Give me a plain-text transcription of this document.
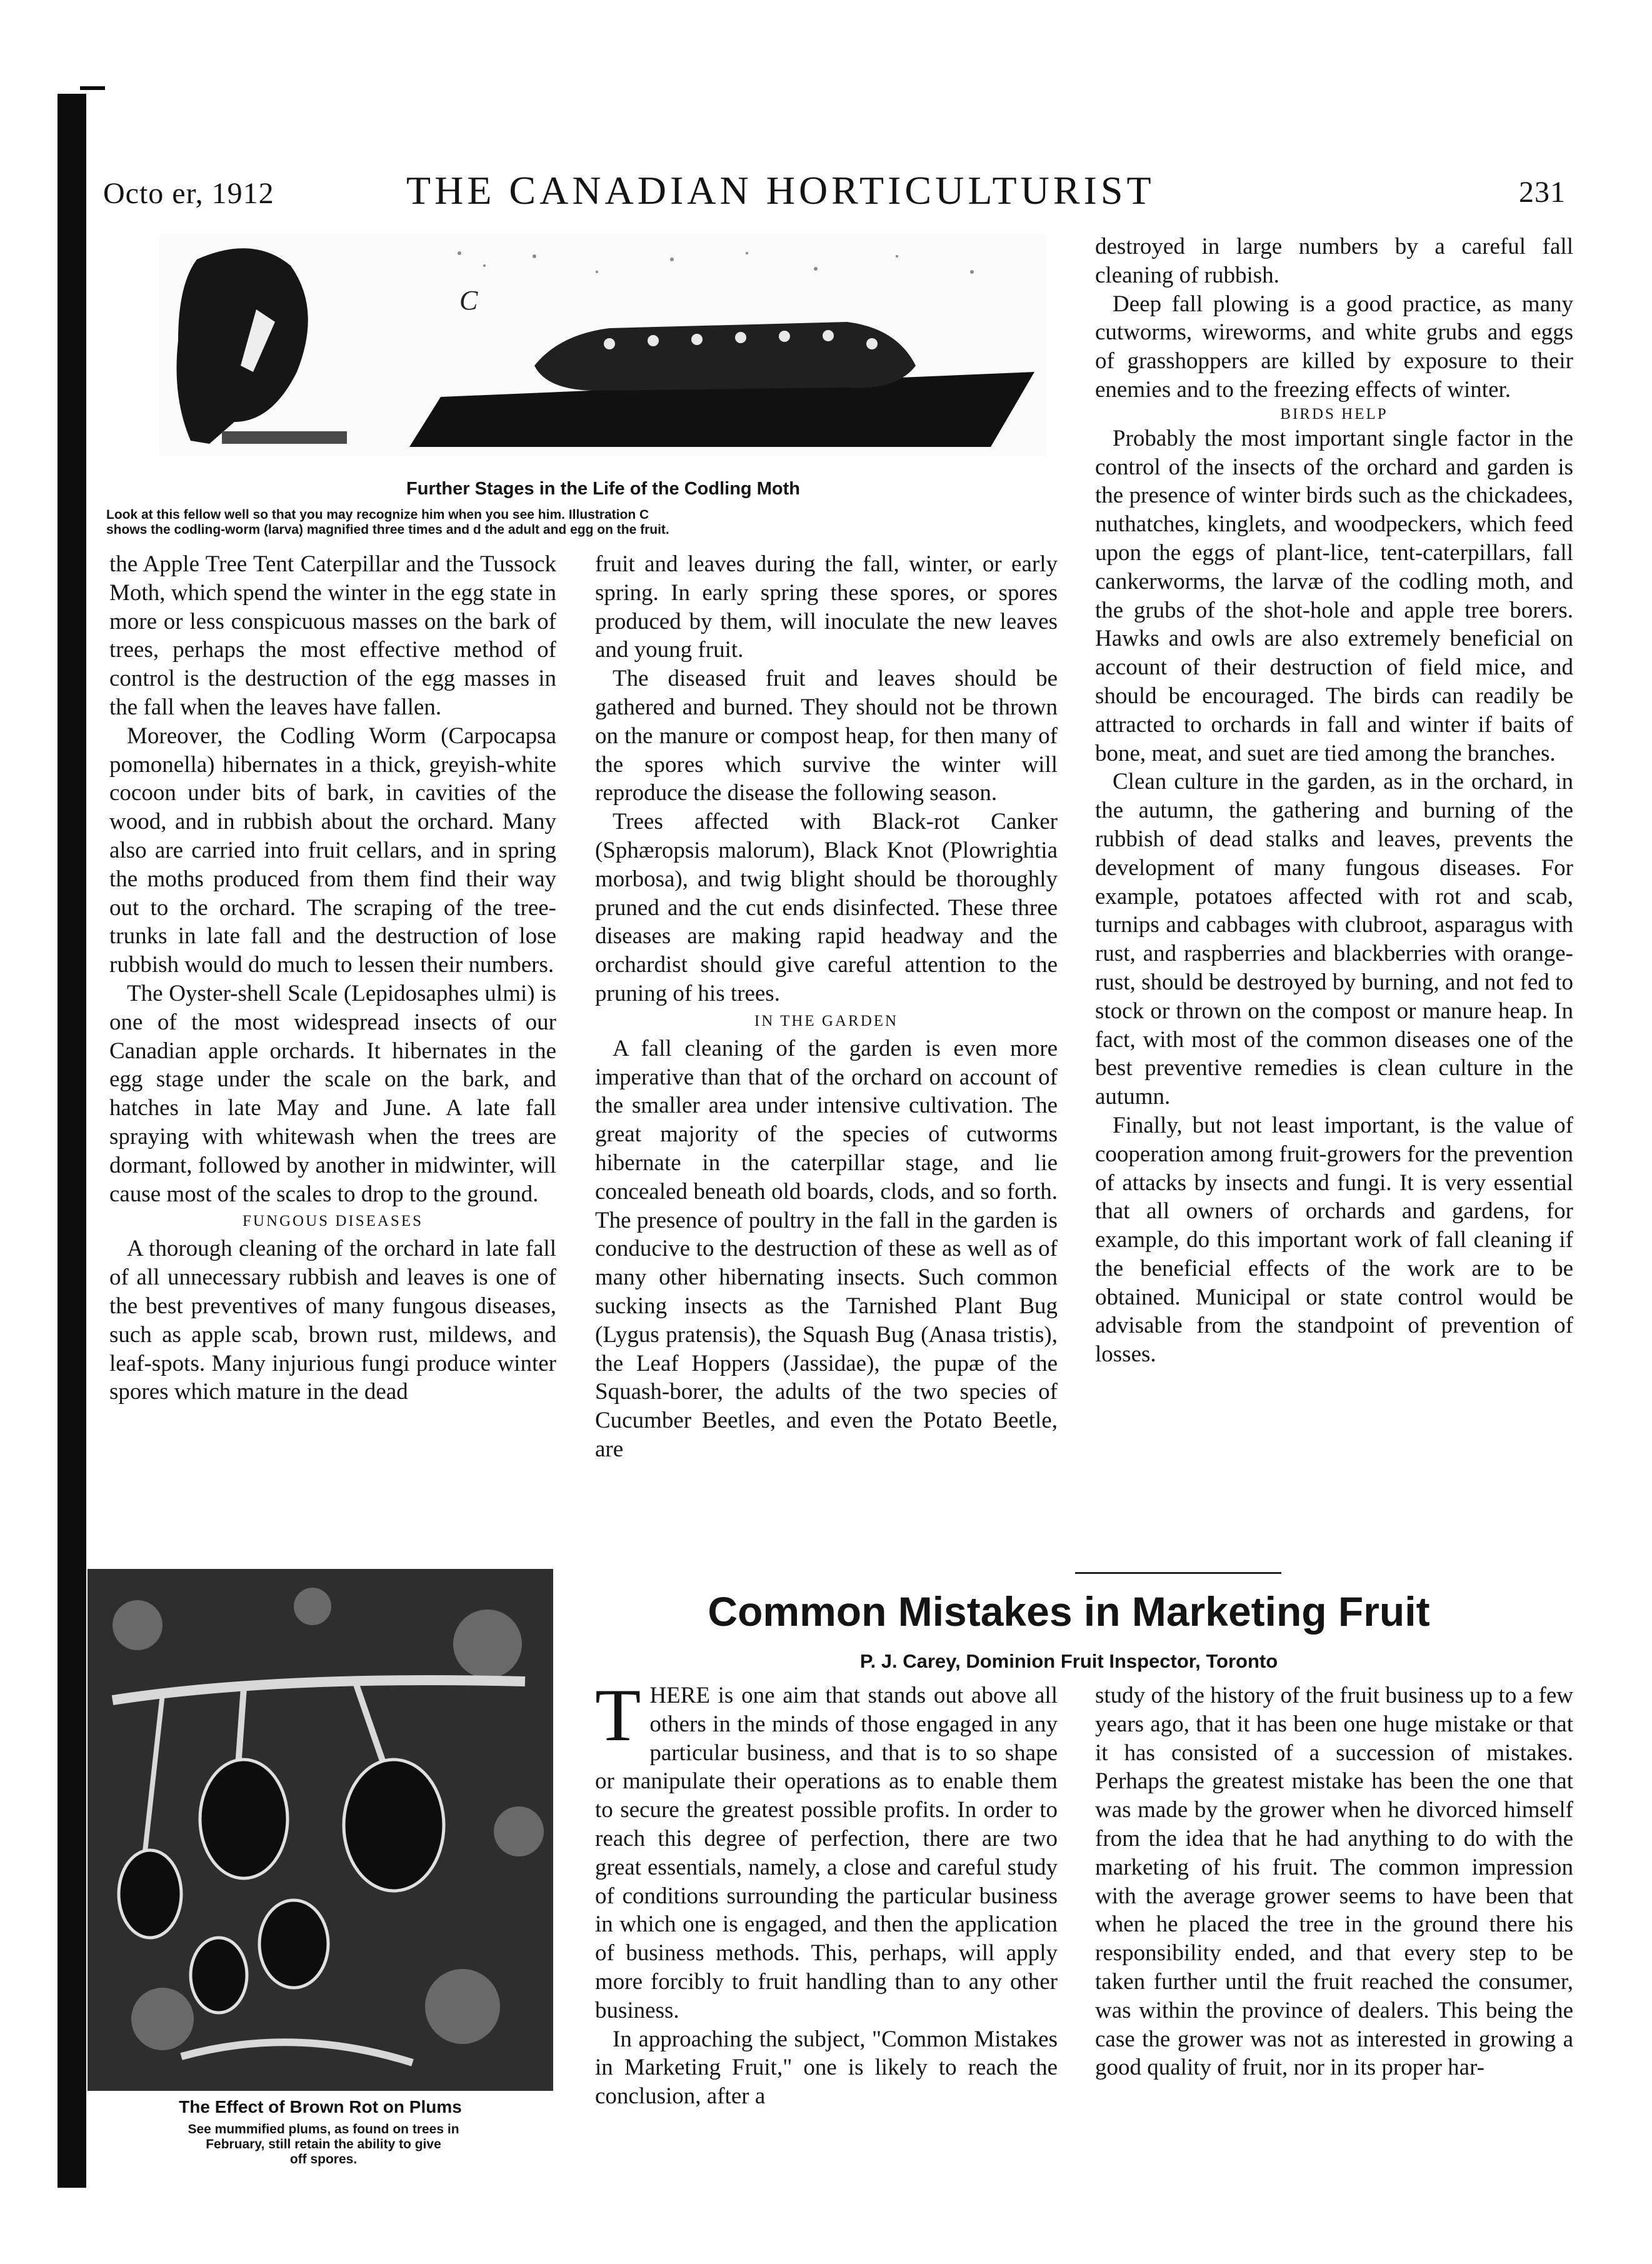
Octo er, 1912	THE CANADIAN HORTICULTURIST	231
C
Further Stages in the Life of the Codling Moth
Look at this fellow well so that you may recognize him when you see him. Illustration C
shows the codling-worm (larva) magnified three times and d the adult and egg on the fruit.

the Apple Tree Tent Caterpillar and the Tussock Moth, which spend the winter in the egg state in more or less conspicuous masses on the bark of trees, perhaps the most effective method of control is the destruction of the egg masses in the fall when the leaves have fallen.

Moreover, the Codling Worm (Carpocapsa pomonella) hibernates in a thick, greyish-white cocoon under bits of bark, in cavities of the wood, and in rubbish about the orchard. Many also are carried into fruit cellars, and in spring the moths produced from them find their way out to the orchard. The scraping of the tree-trunks in late fall and the destruction of lose rubbish would do much to lessen their numbers.

The Oyster-shell Scale (Lepidosaphes ulmi) is one of the most widespread insects of our Canadian apple orchards. It hibernates in the egg stage under the scale on the bark, and hatches in late May and June. A late fall spraying with whitewash when the trees are dormant, followed by another in midwinter, will cause most of the scales to drop to the ground.

FUNGOUS DISEASES

A thorough cleaning of the orchard in late fall of all unnecessary rubbish and leaves is one of the best preventives of many fungous diseases, such as apple scab, brown rust, mildews, and leaf-spots. Many injurious fungi produce winter spores which mature in the dead

fruit and leaves during the fall, winter, or early spring. In early spring these spores, or spores produced by them, will inoculate the new leaves and young fruit.

The diseased fruit and leaves should be gathered and burned. They should not be thrown on the manure or compost heap, for then many of the spores which survive the winter will reproduce the disease the following season.

Trees affected with Black-rot Canker (Sphæropsis malorum), Black Knot (Plowrightia morbosa), and twig blight should be thoroughly pruned and the cut ends disinfected. These three diseases are making rapid headway and the orchardist should give careful attention to the pruning of his trees.

IN THE GARDEN

A fall cleaning of the garden is even more imperative than that of the orchard on account of the smaller area under intensive cultivation. The great majority of the species of cutworms hibernate in the caterpillar stage, and lie concealed beneath old boards, clods, and so forth. The presence of poultry in the fall in the garden is conducive to the destruction of these as well as of many other hibernating insects. Such common sucking insects as the Tarnished Plant Bug (Lygus pratensis), the Squash Bug (Anasa tristis), the Leaf Hoppers (Jassidae), the pupæ of the Squash-borer, the adults of the two species of Cucumber Beetles, and even the Potato Beetle, are

destroyed in large numbers by a careful fall cleaning of rubbish.

Deep fall plowing is a good practice, as many cutworms, wireworms, and white grubs and eggs of grasshoppers are killed by exposure to their enemies and to the freezing effects of winter.

BIRDS HELP

Probably the most important single factor in the control of the insects of the orchard and garden is the presence of winter birds such as the chickadees, nuthatches, kinglets, and woodpeckers, which feed upon the eggs of plant-lice, tent-caterpillars, fall cankerworms, the larvæ of the codling moth, and the grubs of the shot-hole and apple tree borers. Hawks and owls are also extremely beneficial on account of their destruction of field mice, and should be encouraged. The birds can readily be attracted to orchards in fall and winter if baits of bone, meat, and suet are tied among the branches.

Clean culture in the garden, as in the orchard, in the autumn, the gathering and burning of the rubbish of dead stalks and leaves, prevents the development of many fungous diseases. For example, potatoes affected with rot and scab, turnips and cabbages with clubroot, asparagus with rust, and raspberries and blackberries with orange-rust, should be destroyed by burning, and not fed to stock or thrown on the compost or manure heap. In fact, with most of the common diseases one of the best preventive remedies is clean culture in the autumn.

Finally, but not least important, is the value of cooperation among fruit-growers for the prevention of attacks by insects and fungi. It is very essential that all owners of orchards and gardens, for example, do this important work of fall cleaning if the beneficial effects of the work are to be obtained. Municipal or state control would be advisable from the standpoint of prevention of losses.

The Effect of Brown Rot on Plums
See mummified plums, as found on trees in
February, still retain the ability to give
off spores.
Common Mistakes in Marketing Fruit
P. J. Carey, Dominion Fruit Inspector, Toronto

THERE is one aim that stands out above all others in the minds of those engaged in any particular business, and that is to so shape or manipulate their operations as to enable them to secure the greatest possible profits. In order to reach this degree of perfection, there are two great essentials, namely, a close and careful study of conditions surrounding the particular business in which one is engaged, and then the application of business methods. This, perhaps, will apply more forcibly to fruit handling than to any other business.

In approaching the subject, "Common Mistakes in Marketing Fruit," one is likely to reach the conclusion, after a

study of the history of the fruit business up to a few years ago, that it has been one huge mistake or that it has consisted of a succession of mistakes. Perhaps the greatest mistake has been the one that was made by the grower when he divorced himself from the idea that he had anything to do with the marketing of his fruit. The common impression with the average grower seems to have been that when he placed the tree in the ground there his responsibility ended, and that every step to be taken further until the fruit reached the consumer, was within the province of dealers. This being the case the grower was not as interested in growing a good quality of fruit, nor in its proper har-
